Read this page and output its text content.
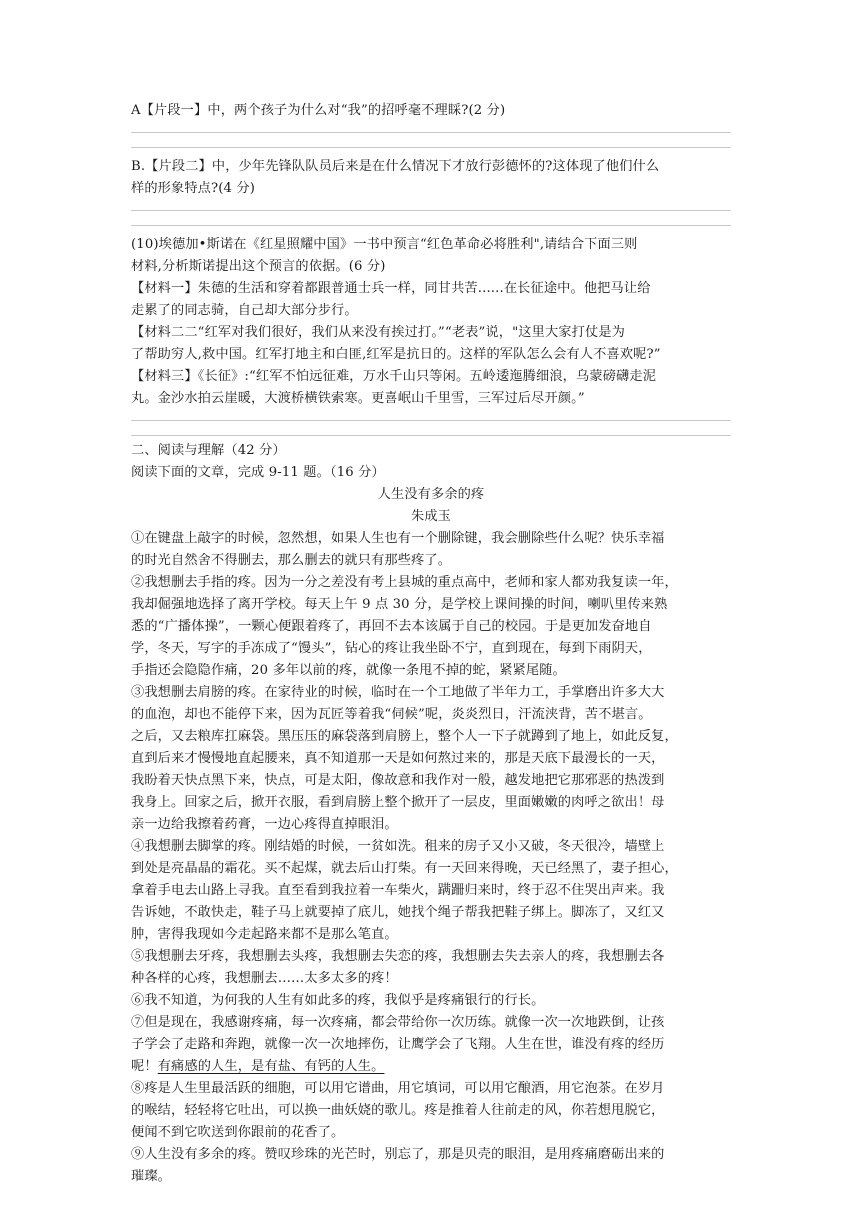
A【片段一】中，两个孩子为什么对“我”的招呼毫不理睬?(2 分)
B.【片段二】中，少年先锋队队员后来是在什么情况下才放行彭德怀的?这体现了他们什么
样的形象特点?(4 分)
(10)埃德加•斯诺在《红星照耀中国》一书中预言“红色革命必将胜利",请结合下面三则
材料,分析斯诺提出这个预言的依据。(6 分)
【材料一】朱德的生活和穿着都跟普通士兵一样，同甘共苦......在长征途中。他把马让给
走累了的同志骑，自己却大部分步行。
【材料二二“红军对我们很好，我们从来没有挨过打。”“老表”说，"这里大家打仗是为
了帮助穷人,救中国。红军打地主和白匪,红军是抗日的。这样的军队怎么会有人不喜欢呢?”
【材料三】《长征》:“红军不怕远征难，万水千山只等闲。五岭逶迤腾细浪，乌蒙磅礴走泥
丸。金沙水拍云崖暖，大渡桥横铁索寒。更喜岷山千里雪，三军过后尽开颜。”
二、阅读与理解（42 分）
阅读下面的文章，完成 9-11 题。（16 分）
人生没有多余的疼
朱成玉
①在键盘上敲字的时候，忽然想，如果人生也有一个删除键，我会删除些什么呢？快乐幸福
的时光自然舍不得删去，那么删去的就只有那些疼了。
②我想删去手指的疼。因为一分之差没有考上县城的重点高中，老师和家人都劝我复读一年，
我却倔强地选择了离开学校。每天上午 9 点 30 分，是学校上课间操的时间，喇叭里传来熟
悉的“广播体操”，一颗心便跟着疼了，再回不去本该属于自己的校园。于是更加发奋地自
学，冬天，写字的手冻成了“馒头”，钻心的疼让我坐卧不宁，直到现在，每到下雨阴天，
手指还会隐隐作痛，20 多年以前的疼，就像一条甩不掉的蛇，紧紧尾随。
③我想删去肩膀的疼。在家待业的时候，临时在一个工地做了半年力工，手掌磨出许多大大
的血泡，却也不能停下来，因为瓦匠等着我“伺候”呢，炎炎烈日，汗流浃背，苦不堪言。
之后，又去粮库扛麻袋。黑压压的麻袋落到肩膀上，整个人一下子就蹲到了地上，如此反复，
直到后来才慢慢地直起腰来，真不知道那一天是如何熬过来的，那是天底下最漫长的一天，
我盼着天快点黑下来，快点，可是太阳，像故意和我作对一般，越发地把它那邪恶的热泼到
我身上。回家之后，掀开衣服，看到肩膀上整个掀开了一层皮，里面嫩嫩的肉呼之欲出！母
亲一边给我擦着药膏，一边心疼得直掉眼泪。
④我想删去脚掌的疼。刚结婚的时候，一贫如洗。租来的房子又小又破，冬天很冷，墙壁上
到处是亮晶晶的霜花。买不起煤，就去后山打柴。有一天回来得晚，天已经黑了，妻子担心，
拿着手电去山路上寻我。直至看到我拉着一车柴火，蹒跚归来时，终于忍不住哭出声来。我
告诉她，不敢快走，鞋子马上就要掉了底儿，她找个绳子帮我把鞋子绑上。脚冻了，又红又
肿，害得我现如今走起路来都不是那么笔直。
⑤我想删去牙疼，我想删去头疼，我想删去失恋的疼，我想删去失去亲人的疼，我想删去各
种各样的心疼，我想删去……太多太多的疼！
⑥我不知道，为何我的人生有如此多的疼，我似乎是疼痛银行的行长。
⑦但是现在，我感谢疼痛，每一次疼痛，都会带给你一次历练。就像一次一次地跌倒，让孩
子学会了走路和奔跑，就像一次一次地摔伤，让鹰学会了飞翔。人生在世，谁没有疼的经历
呢！有痛感的人生，是有盐、有钙的人生。
⑧疼是人生里最活跃的细胞，可以用它谱曲，用它填词，可以用它酿酒，用它泡茶。在岁月
的喉结，轻轻将它吐出，可以换一曲妖娆的歌儿。疼是推着人往前走的风，你若想甩脱它，
便闻不到它吹送到你跟前的花香了。
⑨人生没有多余的疼。赞叹珍珠的光芒时，别忘了，那是贝壳的眼泪，是用疼痛磨砺出来的
璀璨。
